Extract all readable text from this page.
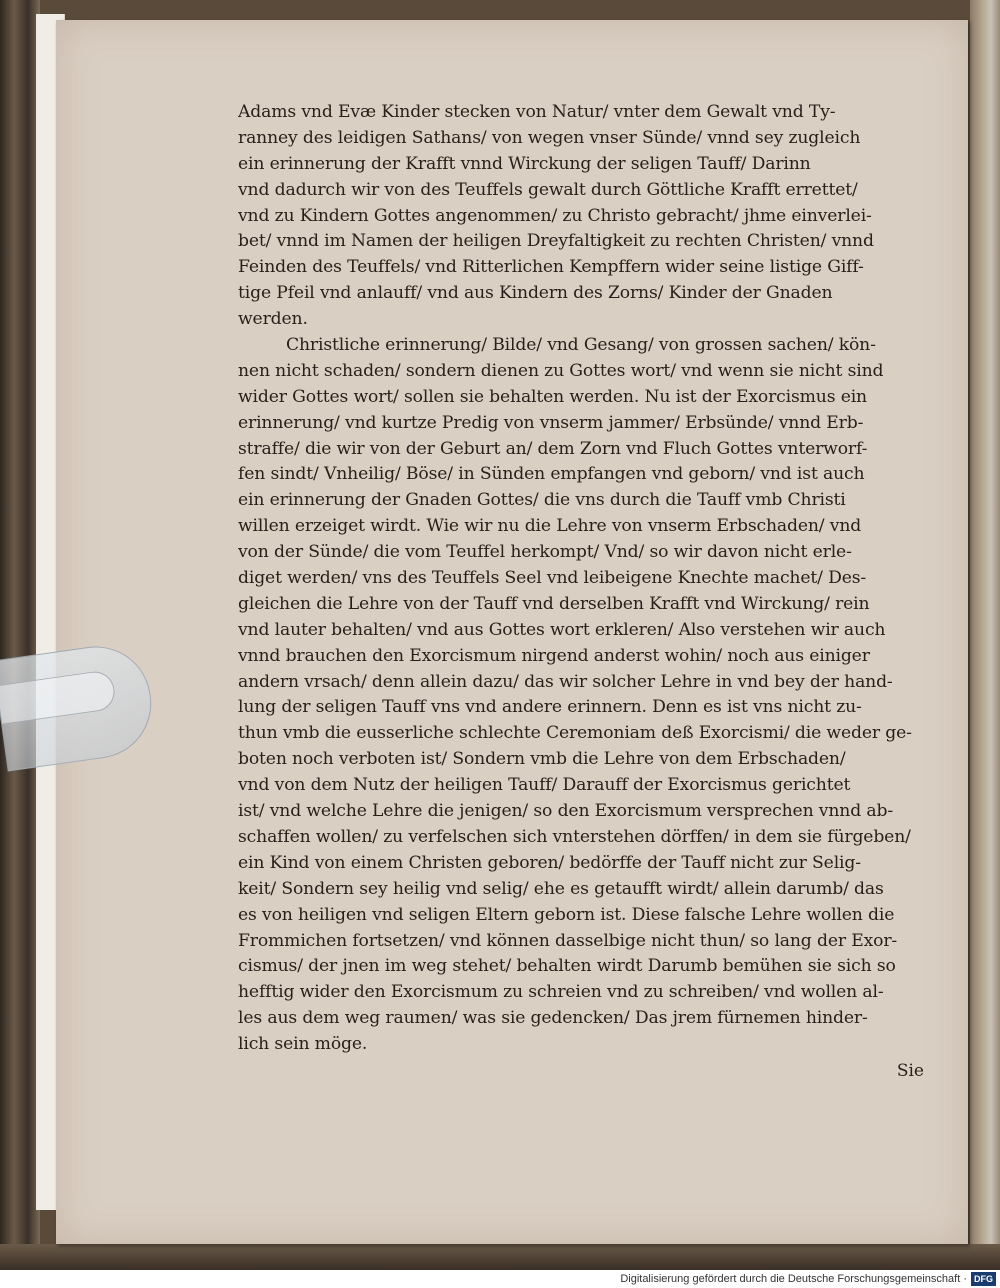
Adams vnd Evæ Kinder stecken von Natur/ vnter dem Gewalt vnd Ty-
ranney des leidigen Sathans/ von wegen vnser Sünde/ vnnd sey zugleich
ein erinnerung der Krafft vnnd Wirckung der seligen Tauff/ Darinn
vnd dadurch wir von des Teuffels gewalt durch Göttliche Krafft errettet/
vnd zu Kindern Gottes angenommen/ zu Christo gebracht/ jhme einverlei-
bet/ vnnd im Namen der heiligen Dreyfaltigkeit zu rechten Christen/ vnnd
Feinden des Teuffels/ vnd Ritterlichen Kempffern wider seine listige Giff-
tige Pfeil vnd anlauff/ vnd aus Kindern des Zorns/ Kinder der Gnaden
werden.
Christliche erinnerung/ Bilde/ vnd Gesang/ von grossen sachen/ kön-
nen nicht schaden/ sondern dienen zu Gottes wort/ vnd wenn sie nicht sind
wider Gottes wort/ sollen sie behalten werden. Nu ist der Exorcismus ein
erinnerung/ vnd kurtze Predig von vnserm jammer/ Erbsünde/ vnnd Erb-
straffe/ die wir von der Geburt an/ dem Zorn vnd Fluch Gottes vnterworf-
fen sindt/ Vnheilig/ Böse/ in Sünden empfangen vnd geborn/ vnd ist auch
ein erinnerung der Gnaden Gottes/ die vns durch die Tauff vmb Christi
willen erzeiget wirdt. Wie wir nu die Lehre von vnserm Erbschaden/ vnd
von der Sünde/ die vom Teuffel herkompt/ Vnd/ so wir davon nicht erle-
diget werden/ vns des Teuffels Seel vnd leibeigene Knechte machet/ Des-
gleichen die Lehre von der Tauff vnd derselben Krafft vnd Wirckung/ rein
vnd lauter behalten/ vnd aus Gottes wort erkleren/ Also verstehen wir auch
vnnd brauchen den Exorcismum nirgend anderst wohin/ noch aus einiger
andern vrsach/ denn allein dazu/ das wir solcher Lehre in vnd bey der hand-
lung der seligen Tauff vns vnd andere erinnern. Denn es ist vns nicht zu-
thun vmb die eusserliche schlechte Ceremoniam deß Exorcismi/ die weder ge-
boten noch verboten ist/ Sondern vmb die Lehre von dem Erbschaden/
vnd von dem Nutz der heiligen Tauff/ Darauff der Exorcismus gerichtet
ist/ vnd welche Lehre die jenigen/ so den Exorcismum versprechen vnnd ab-
schaffen wollen/ zu verfelschen sich vnterstehen dörffen/ in dem sie fürgeben/
ein Kind von einem Christen geboren/ bedörffe der Tauff nicht zur Selig-
keit/ Sondern sey heilig vnd selig/ ehe es getaufft wirdt/ allein darumb/ das
es von heiligen vnd seligen Eltern geborn ist. Diese falsche Lehre wollen die
Frommichen fortsetzen/ vnd können dasselbige nicht thun/ so lang der Exor-
cismus/ der jnen im weg stehet/ behalten wirdt Darumb bemühen sie sich so
hefftig wider den Exorcismum zu schreien vnd zu schreiben/ vnd wollen al-
les aus dem weg raumen/ was sie gedencken/ Das jrem fürnemen hinder-
lich sein möge.
Sie
Digitalisierung gefördert durch die Deutsche Forschungsgemeinschaft · DFG
